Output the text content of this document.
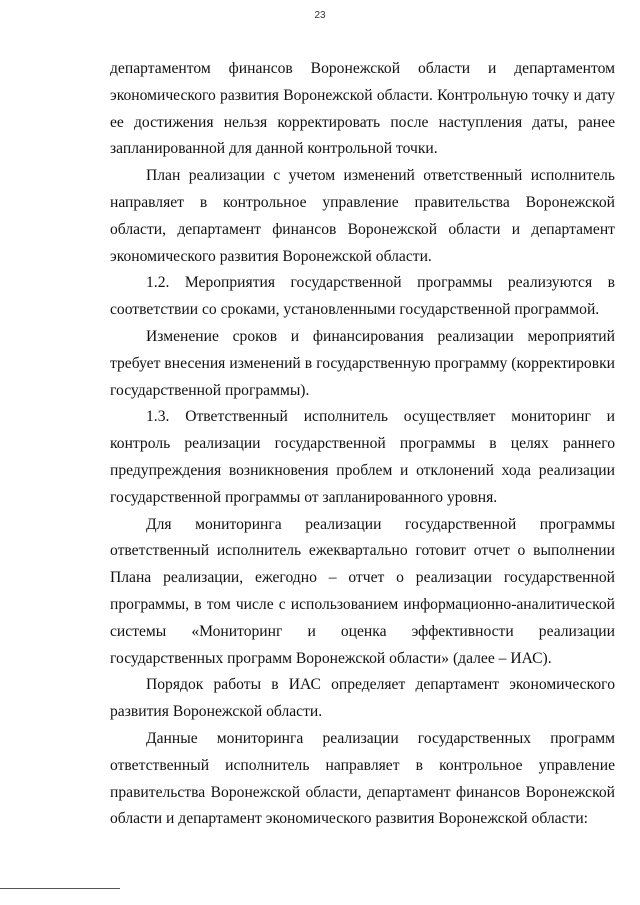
23

департаментом финансов Воронежской области и департаментом экономического развития Воронежской области. Контрольную точку и дату ее достижения нельзя корректировать после наступления даты, ранее запланированной для данной контрольной точки.

План реализации с учетом изменений ответственный исполнитель направляет в контрольное управление правительства Воронежской области, департамент финансов Воронежской области и департамент экономического развития Воронежской области.

1.2. Мероприятия государственной программы реализуются в соответствии со сроками, установленными государственной программой.

Изменение сроков и финансирования реализации мероприятий требует внесения изменений в государственную программу (корректировки государственной программы).

1.3. Ответственный исполнитель осуществляет мониторинг и контроль реализации государственной программы в целях раннего предупреждения возникновения проблем и отклонений хода реализации государственной программы от запланированного уровня.

Для мониторинга реализации государственной программы ответственный исполнитель ежеквартально готовит отчет о выполнении Плана реализации, ежегодно – отчет о реализации государственной программы, в том числе с использованием информационно-аналитической системы «Мониторинг и оценка эффективности реализации государственных программ Воронежской области» (далее – ИАС).

Порядок работы в ИАС определяет департамент экономического развития Воронежской области.

Данные мониторинга реализации государственных программ ответственный исполнитель направляет в контрольное управление правительства Воронежской области, департамент финансов Воронежской области и департамент экономического развития Воронежской области:
